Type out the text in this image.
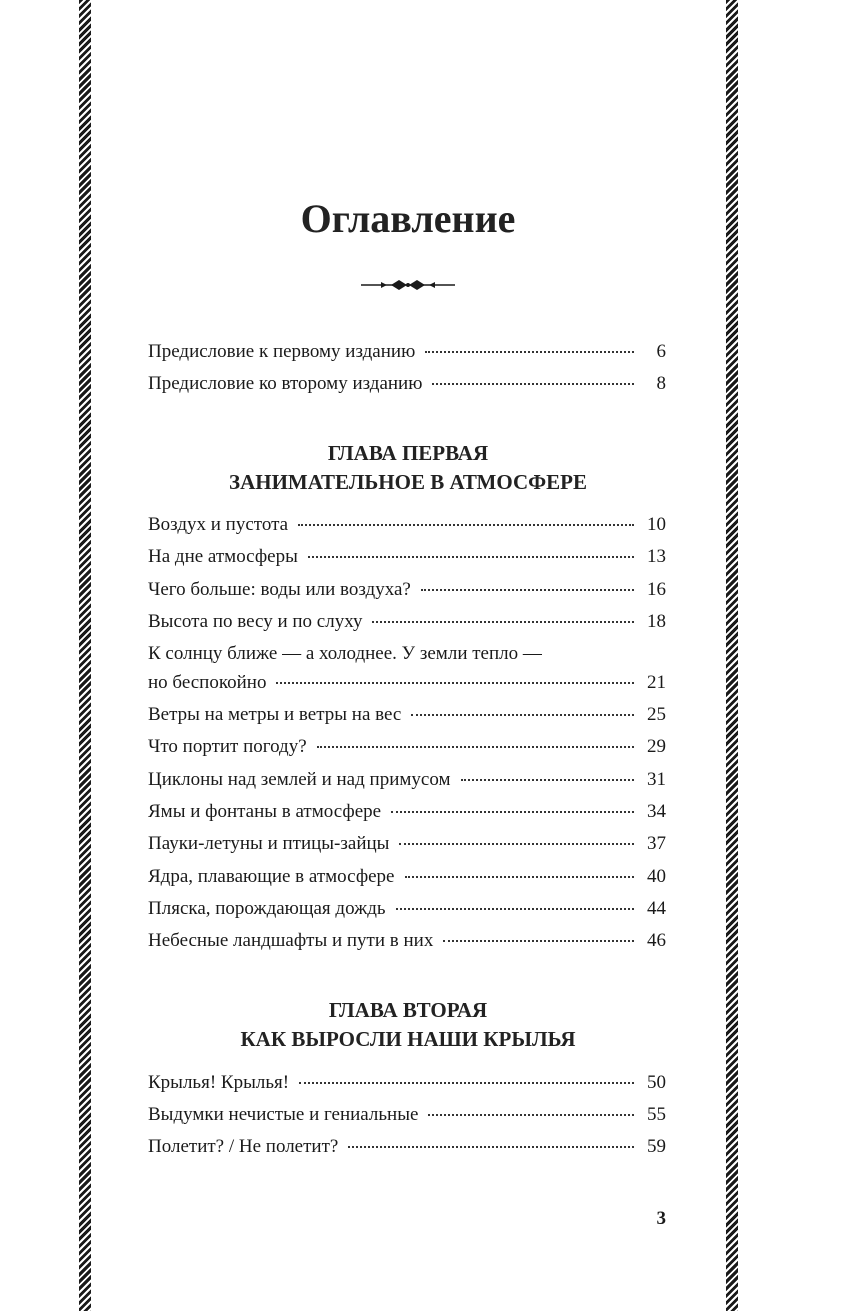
Оглавление
Предисловие к первому изданию	6
Предисловие ко второму изданию	8
ГЛАВА ПЕРВАЯ
ЗАНИМАТЕЛЬНОЕ В АТМОСФЕРЕ
Воздух и пустота	10
На дне атмосферы	13
Чего больше: воды или воздуха?	16
Высота по весу и по слуху	18
К солнцу ближе — а холоднее. У земли тепло —
но беспокойно	21
Ветры на метры и ветры на вес	25
Что портит погоду?	29
Циклоны над землей и над примусом	31
Ямы и фонтаны в атмосфере	34
Пауки-летуны и птицы-зайцы	37
Ядра, плавающие в атмосфере	40
Пляска, порождающая дождь	44
Небесные ландшафты и пути в них	46
ГЛАВА ВТОРАЯ
КАК ВЫРОСЛИ НАШИ КРЫЛЬЯ
Крылья! Крылья!	50
Выдумки нечистые и гениальные	55
Полетит? / Не полетит?	59
3
